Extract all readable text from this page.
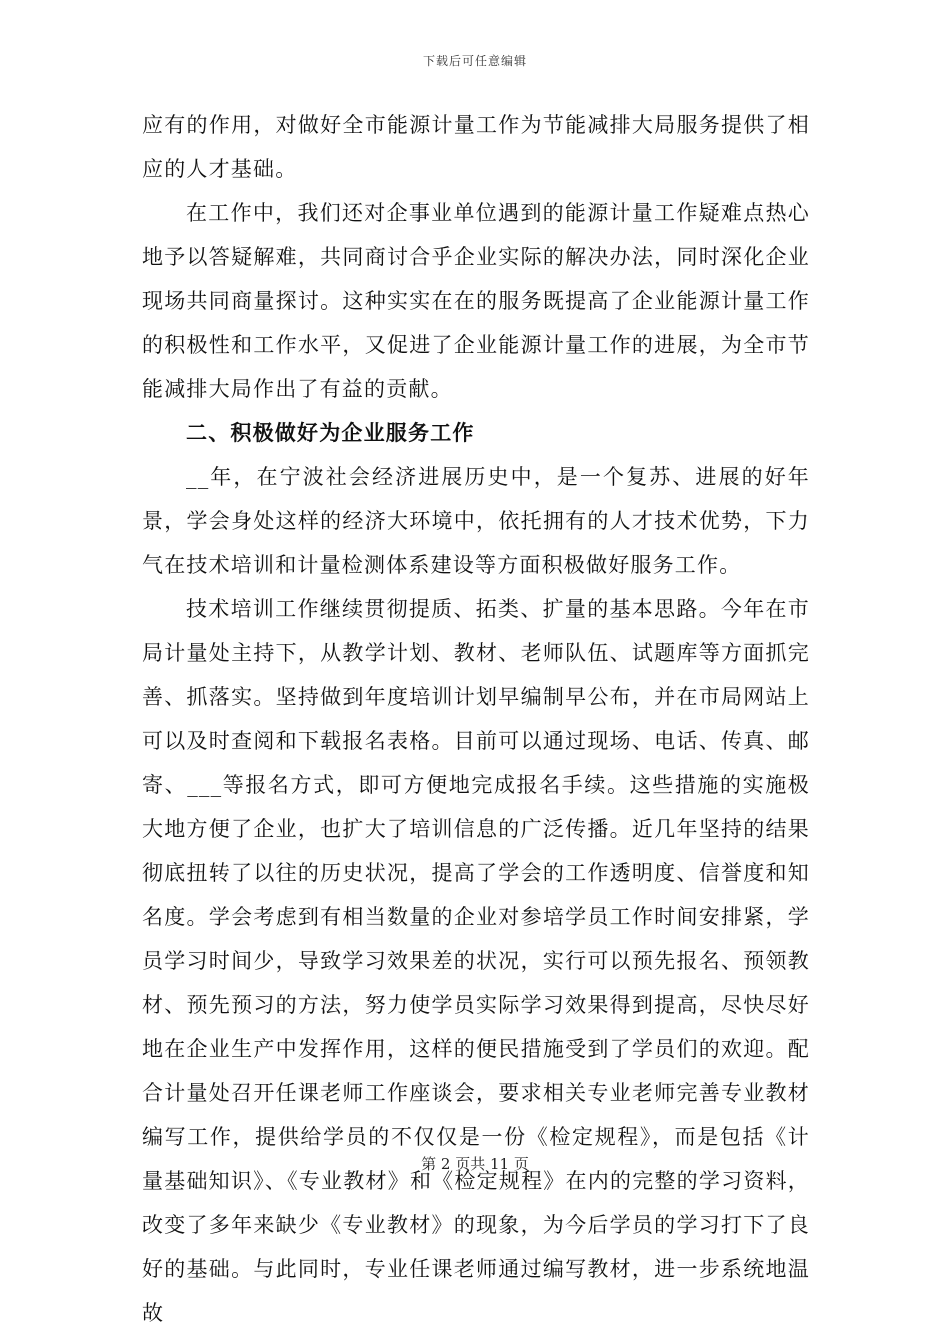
下载后可任意编辑

应有的作用，对做好全市能源计量工作为节能减排大局服务提供了相应的人才基础。

在工作中，我们还对企事业单位遇到的能源计量工作疑难点热心地予以答疑解难，共同商讨合乎企业实际的解决办法，同时深化企业现场共同商量探讨。这种实实在在的服务既提高了企业能源计量工作的积极性和工作水平，又促进了企业能源计量工作的进展，为全市节能减排大局作出了有益的贡献。

二、积极做好为企业服务工作

__年，在宁波社会经济进展历史中，是一个复苏、进展的好年景，学会身处这样的经济大环境中，依托拥有的人才技术优势，下力气在技术培训和计量检测体系建设等方面积极做好服务工作。

技术培训工作继续贯彻提质、拓类、扩量的基本思路。今年在市局计量处主持下，从教学计划、教材、老师队伍、试题库等方面抓完善、抓落实。坚持做到年度培训计划早编制早公布，并在市局网站上可以及时查阅和下载报名表格。目前可以通过现场、电话、传真、邮寄、___等报名方式，即可方便地完成报名手续。这些措施的实施极大地方便了企业，也扩大了培训信息的广泛传播。近几年坚持的结果彻底扭转了以往的历史状况，提高了学会的工作透明度、信誉度和知名度。学会考虑到有相当数量的企业对参培学员工作时间安排紧，学员学习时间少，导致学习效果差的状况，实行可以预先报名、预领教材、预先预习的方法，努力使学员实际学习效果得到提高，尽快尽好地在企业生产中发挥作用，这样的便民措施受到了学员们的欢迎。配合计量处召开任课老师工作座谈会，要求相关专业老师完善专业教材编写工作，提供给学员的不仅仅是一份《检定规程》，而是包括《计量基础知识》、《专业教材》和《检定规程》在内的完整的学习资料，改变了多年来缺少《专业教材》的现象，为今后学员的学习打下了良好的基础。与此同时，专业任课老师通过编写教材，进一步系统地温故

第 2 页共 11 页
